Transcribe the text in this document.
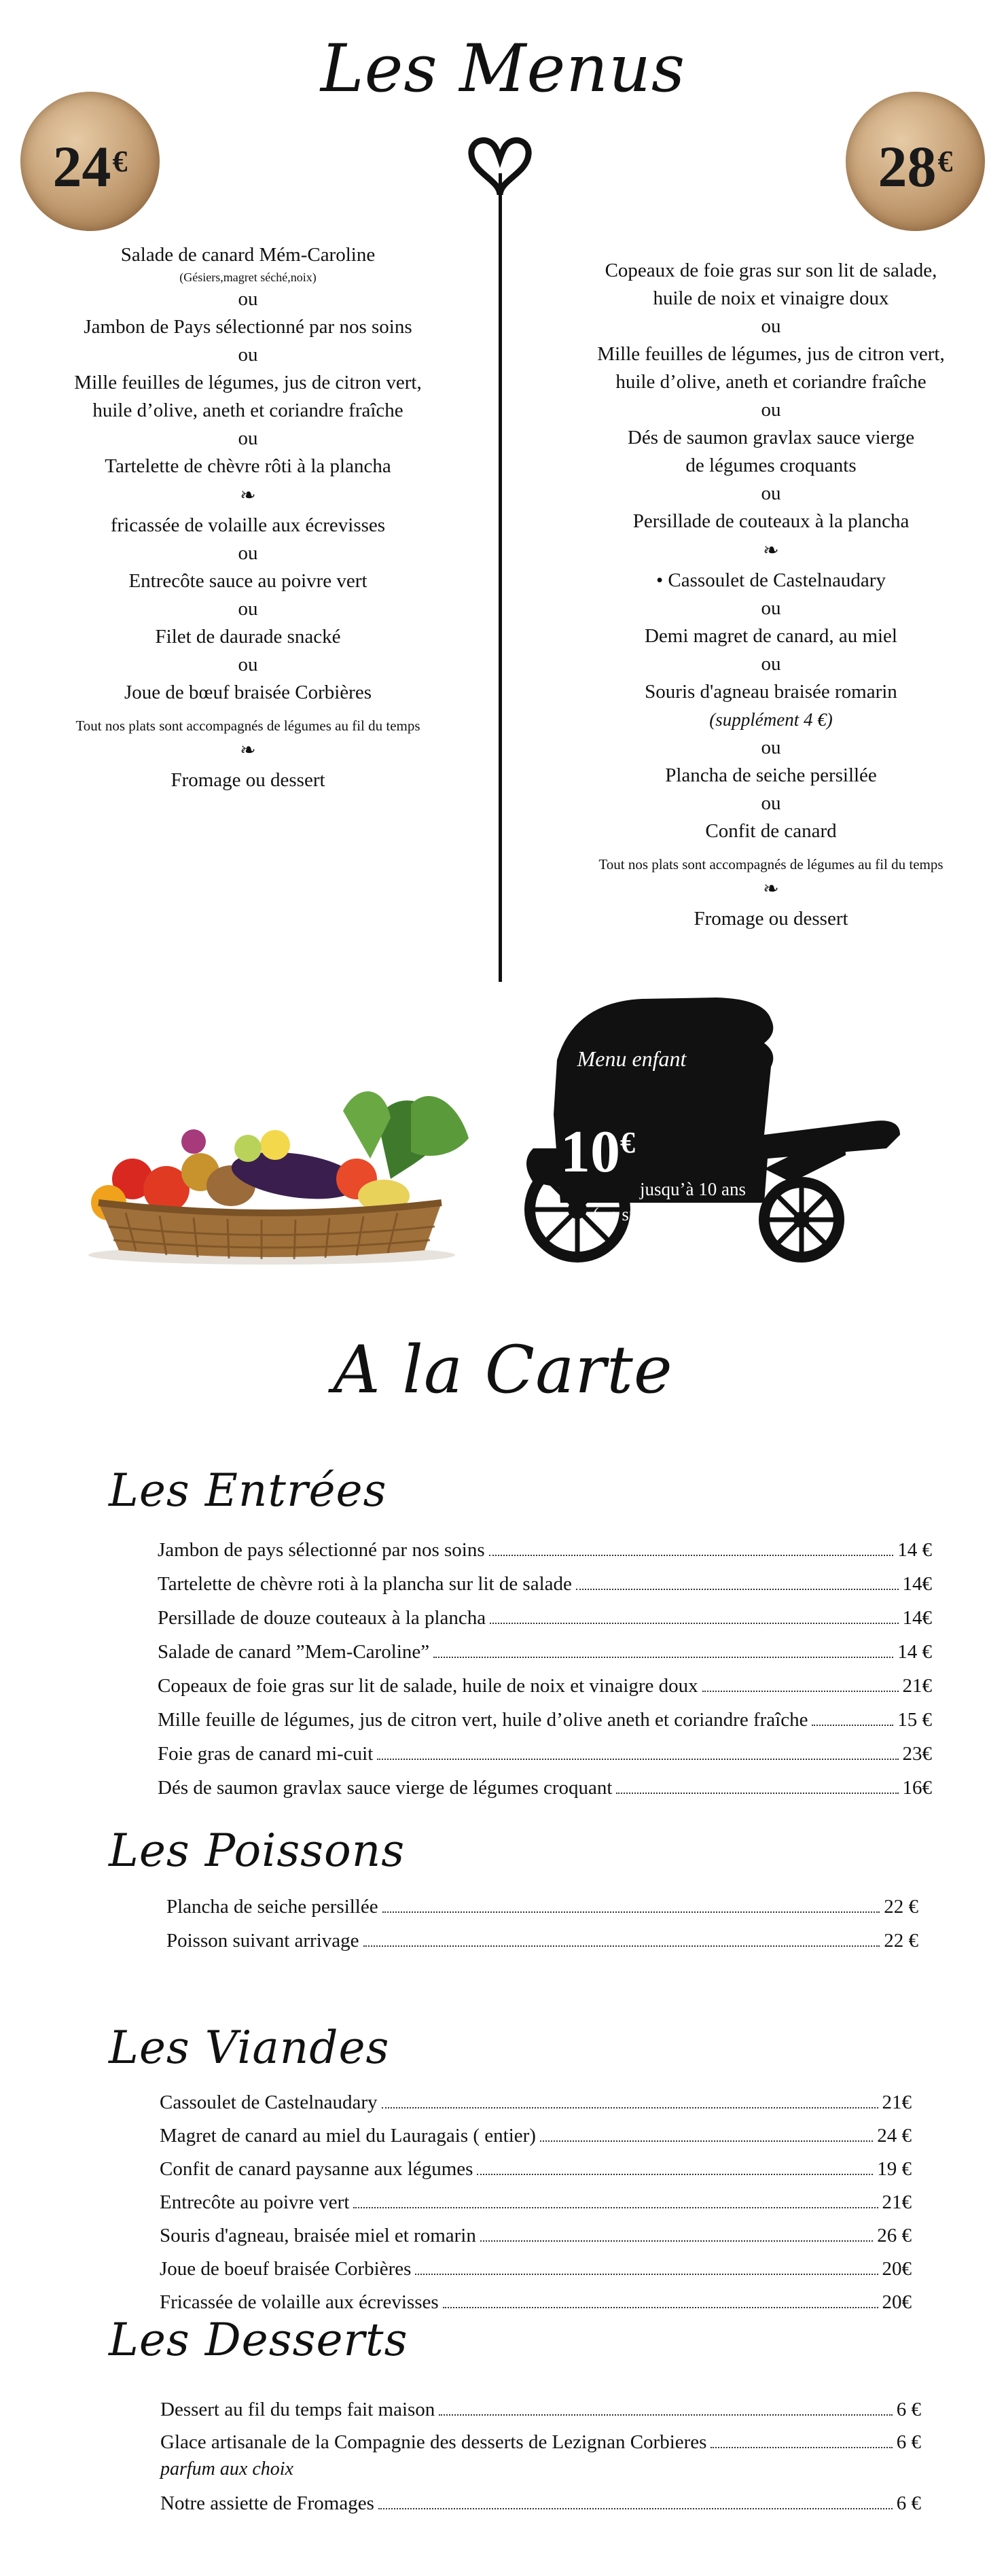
Les Menus
24€	28€
Salade de canard Mém-Caroline
(Gésiers,magret séché,noix)
ou
Jambon de Pays sélectionné par nos soins
ou
Mille feuilles de légumes, jus de citron vert,
huile d’olive, aneth et coriandre fraîche
ou
Tartelette de chèvre rôti à la plancha
❧
fricassée de volaille aux écrevisses
ou
Entrecôte sauce au poivre vert
ou
Filet de daurade snacké
ou
Joue de bœuf braisée Corbières
Tout nos plats sont accompagnés de légumes au fil du temps
❧
Fromage ou dessert
Copeaux de foie gras sur son lit de salade,
huile de noix et vinaigre doux
ou
Mille feuilles de légumes, jus de citron vert,
huile d’olive, aneth et coriandre fraîche
ou
Dés de saumon gravlax sauce vierge
de légumes croquants
ou
Persillade de couteaux à la plancha
❧
• Cassoulet de Castelnaudary
ou
Demi magret de canard, au miel
ou
Souris d'agneau braisée romarin
(supplément 4 €)
ou
Plancha de seiche persillée
ou
Confit de canard
Tout nos plats sont accompagnés de légumes au fil du temps
❧
Fromage ou dessert
Menu enfant
10€
jusqu’à 10 ans
(un sirop au choix)
A la Carte
Les Entrées
Jambon de pays sélectionné par nos soins	14 €
Tartelette de chèvre roti à la plancha sur lit de salade	14€
Persillade de douze couteaux à la plancha	14€
Salade de canard ”Mem-Caroline”	14 €
Copeaux de foie gras sur lit de salade, huile de noix et vinaigre doux	21€
Mille feuille de légumes, jus de citron vert, huile d’olive aneth et coriandre fraîche	15 €
Foie gras de canard mi-cuit	23€
Dés de saumon gravlax sauce vierge de légumes croquant	16€
Les Poissons
Plancha de seiche persillée	22 €
Poisson suivant arrivage	22 €
Les Viandes
Cassoulet de Castelnaudary	21€
Magret de canard au miel du Lauragais ( entier)	24 €
Confit de canard paysanne aux légumes	19 €
Entrecôte au poivre vert	21€
Souris d'agneau, braisée miel et romarin	26 €
Joue de boeuf braisée Corbières	20€
Fricassée de volaille aux écrevisses	20€
Les Desserts
Dessert au fil du temps fait maison	6 €
Glace artisanale de la Compagnie des desserts de Lezignan Corbieres	6 €
Notre assiette de Fromages	6 €
parfum aux choix
